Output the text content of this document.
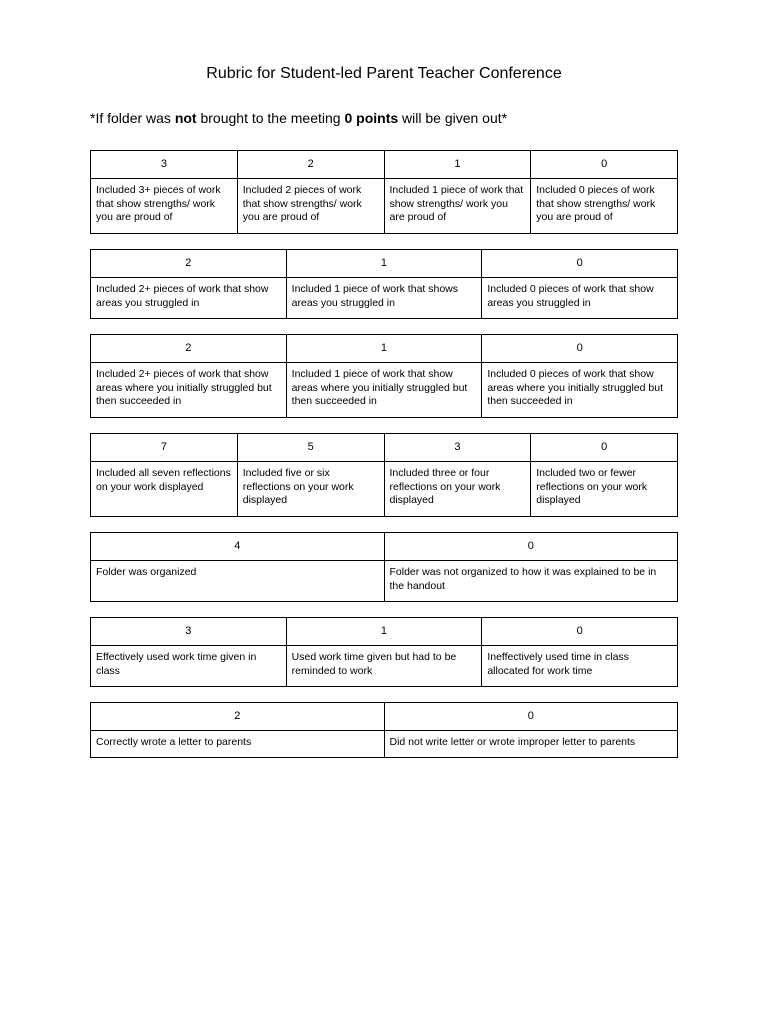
Rubric for Student-led Parent Teacher Conference
*If folder was not brought to the meeting 0 points will be given out*
3	2	1	0
Included 3+ pieces of work that show strengths/ work you are proud of	Included 2 pieces of work that show strengths/ work you are proud of	Included 1 piece of work that show strengths/ work you are proud of	Included 0 pieces of work that show strengths/ work you are proud of
2	1	0
Included 2+ pieces of work that show areas you struggled in	Included 1 piece of work that shows areas you struggled in	Included 0 pieces of work that show areas you struggled in
2	1	0
Included 2+ pieces of work that show areas where you initially struggled but then succeeded in	Included 1 piece of work that show areas where you initially struggled but then succeeded in	Included 0 pieces of work that show areas where you initially struggled but then succeeded in
7	5	3	0
Included all seven reflections on your work displayed	Included five or six reflections on your work displayed	Included three or four reflections on your work displayed	Included two or fewer reflections on your work displayed
4	0
Folder was organized	Folder was not organized to how it was explained to be in the handout
3	1	0
Effectively used work time given in class	Used work time given but had to be reminded to work	Ineffectively used time in class allocated for work time
2	0
Correctly wrote a letter to parents	Did not write letter or wrote improper letter to parents
